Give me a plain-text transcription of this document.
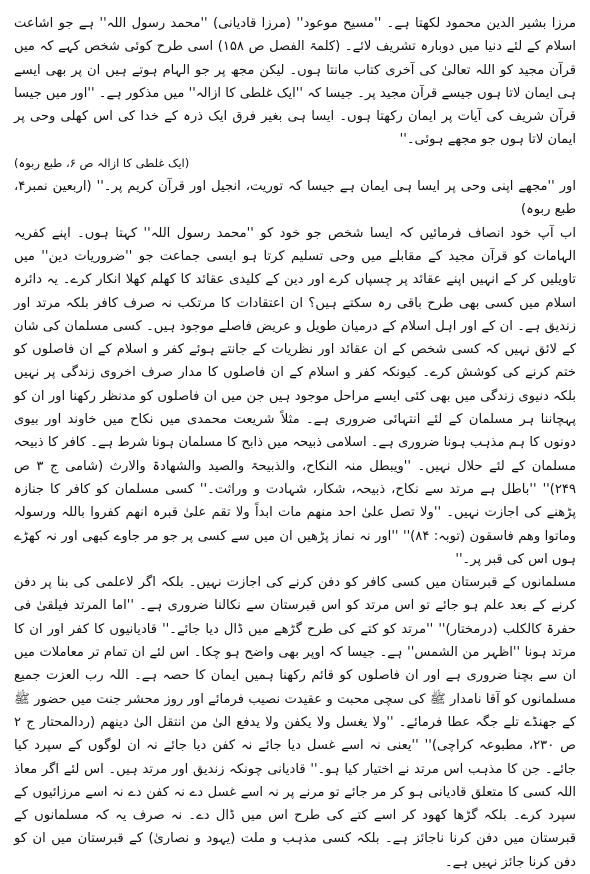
مرزا بشیر الدین محمود لکھتا ہے۔ ''مسیح موعود'' (مرزا قادیانی) ''محمد رسول اللہ'' ہے جو اشاعت اسلام کے لئے دنیا میں دوبارہ تشریف لائے۔ (کلمۃ الفصل ص ۱۵۸) اسی طرح کوئی شخص کہے کہ میں قرآن مجید کو اللہ تعالیٰ کی آخری کتاب مانتا ہوں۔ لیکن مجھ پر جو الہام ہوتے ہیں ان پر بھی ایسے ہی ایمان لاتا ہوں جیسے قرآن مجید پر۔ جیسا کہ ''ایک غلطی کا ازالہ'' میں مذکور ہے۔ ''اور میں جیسا قرآن شریف کی آیات پر ایمان رکھتا ہوں۔ ایسا ہی بغیر فرق ایک ذرہ کے خدا کی اس کھلی وحی پر ایمان لاتا ہوں جو مجھے ہوئی۔''

(ایک غلطی کا ازالہ ص ۶، طبع ربوہ)

اور ''مجھے اپنی وحی پر ایسا ہی ایمان ہے جیسا کہ توریت، انجیل اور قرآن کریم پر۔'' (اربعین نمبر۴، طبع ربوہ)

اب آپ خود انصاف فرمائیں کہ ایسا شخص جو خود کو ''محمد رسول اللہ'' کہتا ہوں۔ اپنے کفریہ الہامات کو قرآن مجید کے مقابلے میں وحی تسلیم کرتا ہو ایسی جماعت جو ''ضروریات دین'' میں تاویلیں کر کے انہیں اپنے عقائد پر چسپاں کرے اور دین کے کلیدی عقائد کا کھلم کھلا انکار کرے۔ یہ دائرہ اسلام میں کسی بھی طرح باقی رہ سکتے ہیں؟ ان اعتقادات کا مرتکب نہ صرف کافر بلکہ مرتد اور زندیق ہے۔ ان کے اور اہل اسلام کے درمیان طویل و عریض فاصلے موجود ہیں۔ کسی مسلمان کی شان کے لائق نہیں کہ کسی شخص کے ان عقائد اور نظریات کے جانتے ہوئے کفر و اسلام کے ان فاصلوں کو ختم کرنے کی کوشش کرے۔ کیونکہ کفر و اسلام کے ان فاصلوں کا مدار صرف اخروی زندگی پر نہیں بلکہ دنیوی زندگی میں بھی کئی ایسے مراحل موجود ہیں جن میں ان فاصلوں کو مدنظر رکھنا اور ان کو پہچاننا ہر مسلمان کے لئے انتہائی ضروری ہے۔ مثلاً شریعت محمدی میں نکاح میں خاوند اور بیوی دونوں کا ہم مذہب ہونا ضروری ہے۔ اسلامی ذبیحہ میں ذابح کا مسلمان ہونا شرط ہے۔ کافر کا ذبیحہ مسلمان کے لئے حلال نہیں۔ ''ویبطل منہ النکاح، والذبیحۃ والصید والشھادۃ والارث (شامی ج ۳ ص ۲۴۹)'' ''باطل ہے مرتد سے نکاح، ذبیحہ، شکار، شہادت و وراثت۔'' کسی مسلمان کو کافر کا جنازہ پڑھنے کی اجازت نہیں۔ ''ولا تصل علیٰ احد منھم مات ابداً ولا تقم علیٰ قبرہ انھم کفروا باللہ ورسولہ وماتوا وھم فاسقون (توبہ: ۸۴)'' ''اور نہ نماز پڑھیں ان میں سے کسی پر جو مر جاوے کبھی اور نہ کھڑے ہوں اس کی قبر پر۔''

مسلمانوں کے قبرستان میں کسی کافر کو دفن کرنے کی اجازت نہیں۔ بلکہ اگر لاعلمی کی بنا پر دفن کرنے کے بعد علم ہو جائے تو اس مرتد کو اس قبرستان سے نکالنا ضروری ہے۔ ''اما المرتد فیلقیٰ فی حفرۃ کالکلب (درمختار)'' ''مرتد کو کتے کی طرح گڑھے میں ڈال دیا جائے۔'' قادیانیوں کا کفر اور ان کا مرتد ہونا ''اظہر من الشمس'' ہے۔ جیسا کہ اوپر بھی واضح ہو چکا۔ اس لئے ان تمام تر معاملات میں ان سے بچنا ضروری ہے اور ان فاصلوں کو قائم رکھنا ہمیں ایمان کا حصہ ہے۔ اللہ رب العزت جمیع مسلمانوں کو آقا نامدار ﷺ کی سچی محبت و عقیدت نصیب فرمائے اور روز محشر جنت میں حضور ﷺ کے جھنڈے تلے جگہ عطا فرمائے۔ ''ولا یغسل ولا یکفن ولا یدفع الیٰ من انتقل الیٰ دینھم (ردالمحتار ج ۲ ص ۲۳۰، مطبوعہ کراچی)'' ''یعنی نہ اسے غسل دیا جائے نہ کفن دیا جائے نہ ان لوگوں کے سپرد کیا جائے۔ جن کا مذہب اس مرتد نے اختیار کیا ہو۔'' قادیانی چونکہ زندیق اور مرتد ہیں۔ اس لئے اگر معاذ اللہ کسی کا متعلق قادیانی ہو کر مر جائے تو مرنے پر نہ اسے غسل دے نہ کفن دے نہ اسے مرزائیوں کے سپرد کرے۔ بلکہ گڑھا کھود کر اسے کتے کی طرح اس میں ڈال دے۔ نہ صرف یہ کہ مسلمانوں کے قبرستان میں دفن کرنا ناجائز ہے۔ بلکہ کسی مذہب و ملت (یہود و نصاریٰ) کے قبرستان میں ان کو دفن کرنا جائز نہیں ہے۔
